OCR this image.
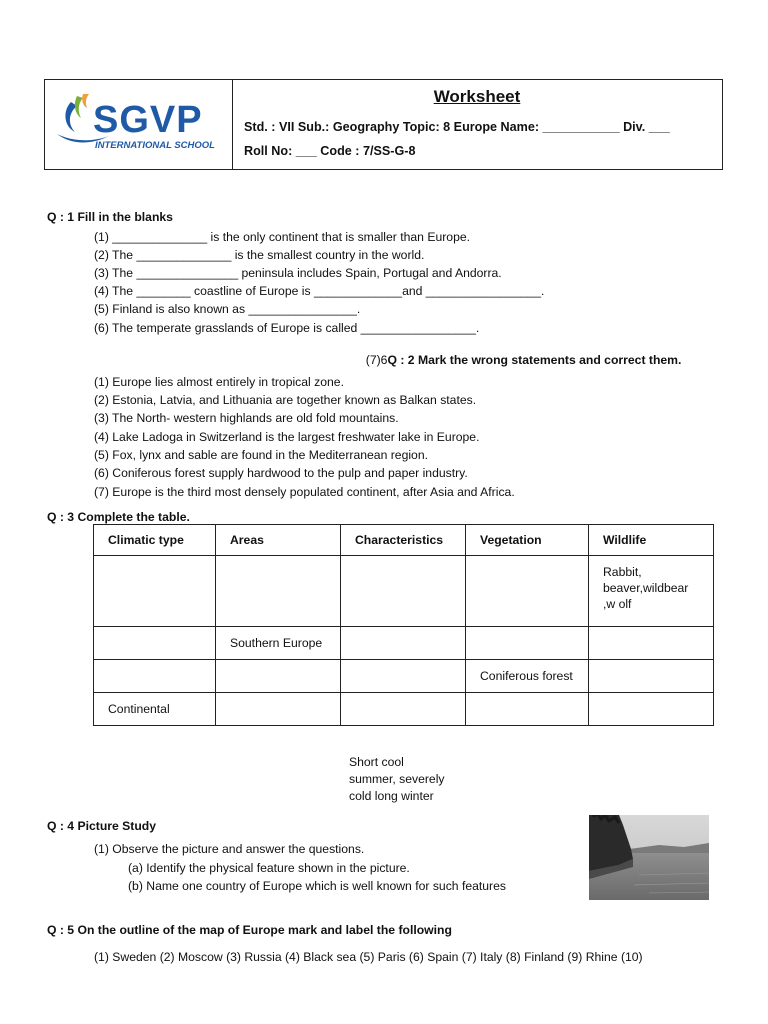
SGVP
INTERNATIONAL SCHOOL
Worksheet
Std. : VII Sub.: Geography Topic: 8 Europe Name: ___________ Div. ___
Roll No: ___ Code : 7/SS-G-8
Q : 1 Fill in the blanks
(1) ______________ is the only continent that is smaller than Europe.
(2) The ______________ is the smallest country in the world.
(3) The _______________ peninsula includes Spain, Portugal and Andorra.
(4) The ________ coastline of Europe is _____________and _________________.
(5) Finland is also known as ________________.
(6) The temperate grasslands of Europe is called _________________.

(7)6Q : 2 Mark the wrong statements and correct them.

(1) Europe lies almost entirely in tropical zone.
(2) Estonia, Latvia, and Lithuania are together known as Balkan states.
(3) The North- western highlands are old fold mountains.
(4) Lake Ladoga in Switzerland is the largest freshwater lake in Europe.
(5) Fox, lynx and sable are found in the Mediterranean region.
(6) Coniferous forest supply hardwood to the pulp and paper industry.
(7) Europe is the third most densely populated continent, after Asia and Africa.
Q : 3 Complete the table.
Climatic type	Areas	Characteristics	Vegetation	Wildlife
				Rabbit,
beaver,wildbear
,w olf
	Southern Europe			
			Coniferous forest	
Continental				
Short cool
summer, severely
cold long winter
Q : 4 Picture Study
(1) Observe the picture and answer the questions.
(a) Identify the physical feature shown in the picture.
(b) Name one country of Europe which is well known for such features
Q : 5 On the outline of the map of Europe mark and label the following
(1) Sweden (2) Moscow (3) Russia (4) Black sea (5) Paris (6) Spain (7) Italy (8) Finland (9) Rhine (10)
